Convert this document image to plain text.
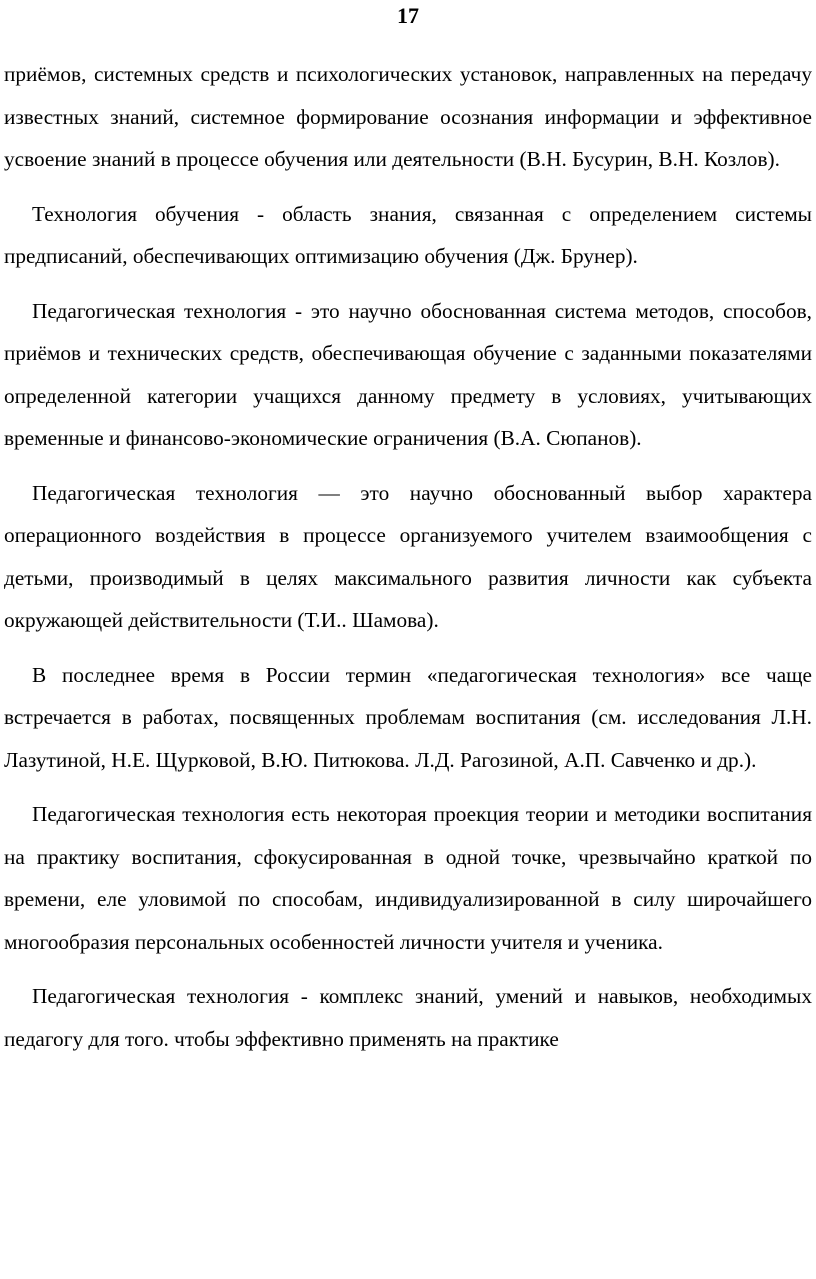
17

приёмов, системных средств и психологических установок, направленных на передачу известных знаний, системное формирование осознания информации и эффективное усвоение знаний в процессе обучения или деятельности (В.Н. Бусурин, В.Н. Козлов).

Технология обучения - область знания, связанная с определением системы предписаний, обеспечивающих оптимизацию обучения (Дж. Брунер).

Педагогическая технология - это научно обоснованная система методов, способов, приёмов и технических средств, обеспечивающая обучение с заданными показателями определенной категории учащихся данному предмету в условиях, учитывающих временные и финансово-экономические ограничения (В.А. Сюпанов).

Педагогическая технология — это научно обоснованный выбор характера операционного воздействия в процессе организуемого учителем взаимообщения с детьми, производимый в целях максимального развития личности как субъекта окружающей действительности (Т.И.. Шамова).

В последнее время в России термин «педагогическая технология» все чаще встречается в работах, посвященных проблемам воспитания (см. исследования Л.Н. Лазутиной, Н.Е. Щурковой, В.Ю. Питюкова. Л.Д. Рагозиной, А.П. Савченко и др.).

Педагогическая технология есть некоторая проекция теории и методики воспитания на практику воспитания, сфокусированная в одной точке, чрезвычайно краткой по времени, еле уловимой по способам, индивидуализированной в силу широчайшего многообразия персональных особенностей личности учителя и ученика.

Педагогическая технология - комплекс знаний, умений и навыков, необходимых педагогу для того. чтобы эффективно применять на практике
